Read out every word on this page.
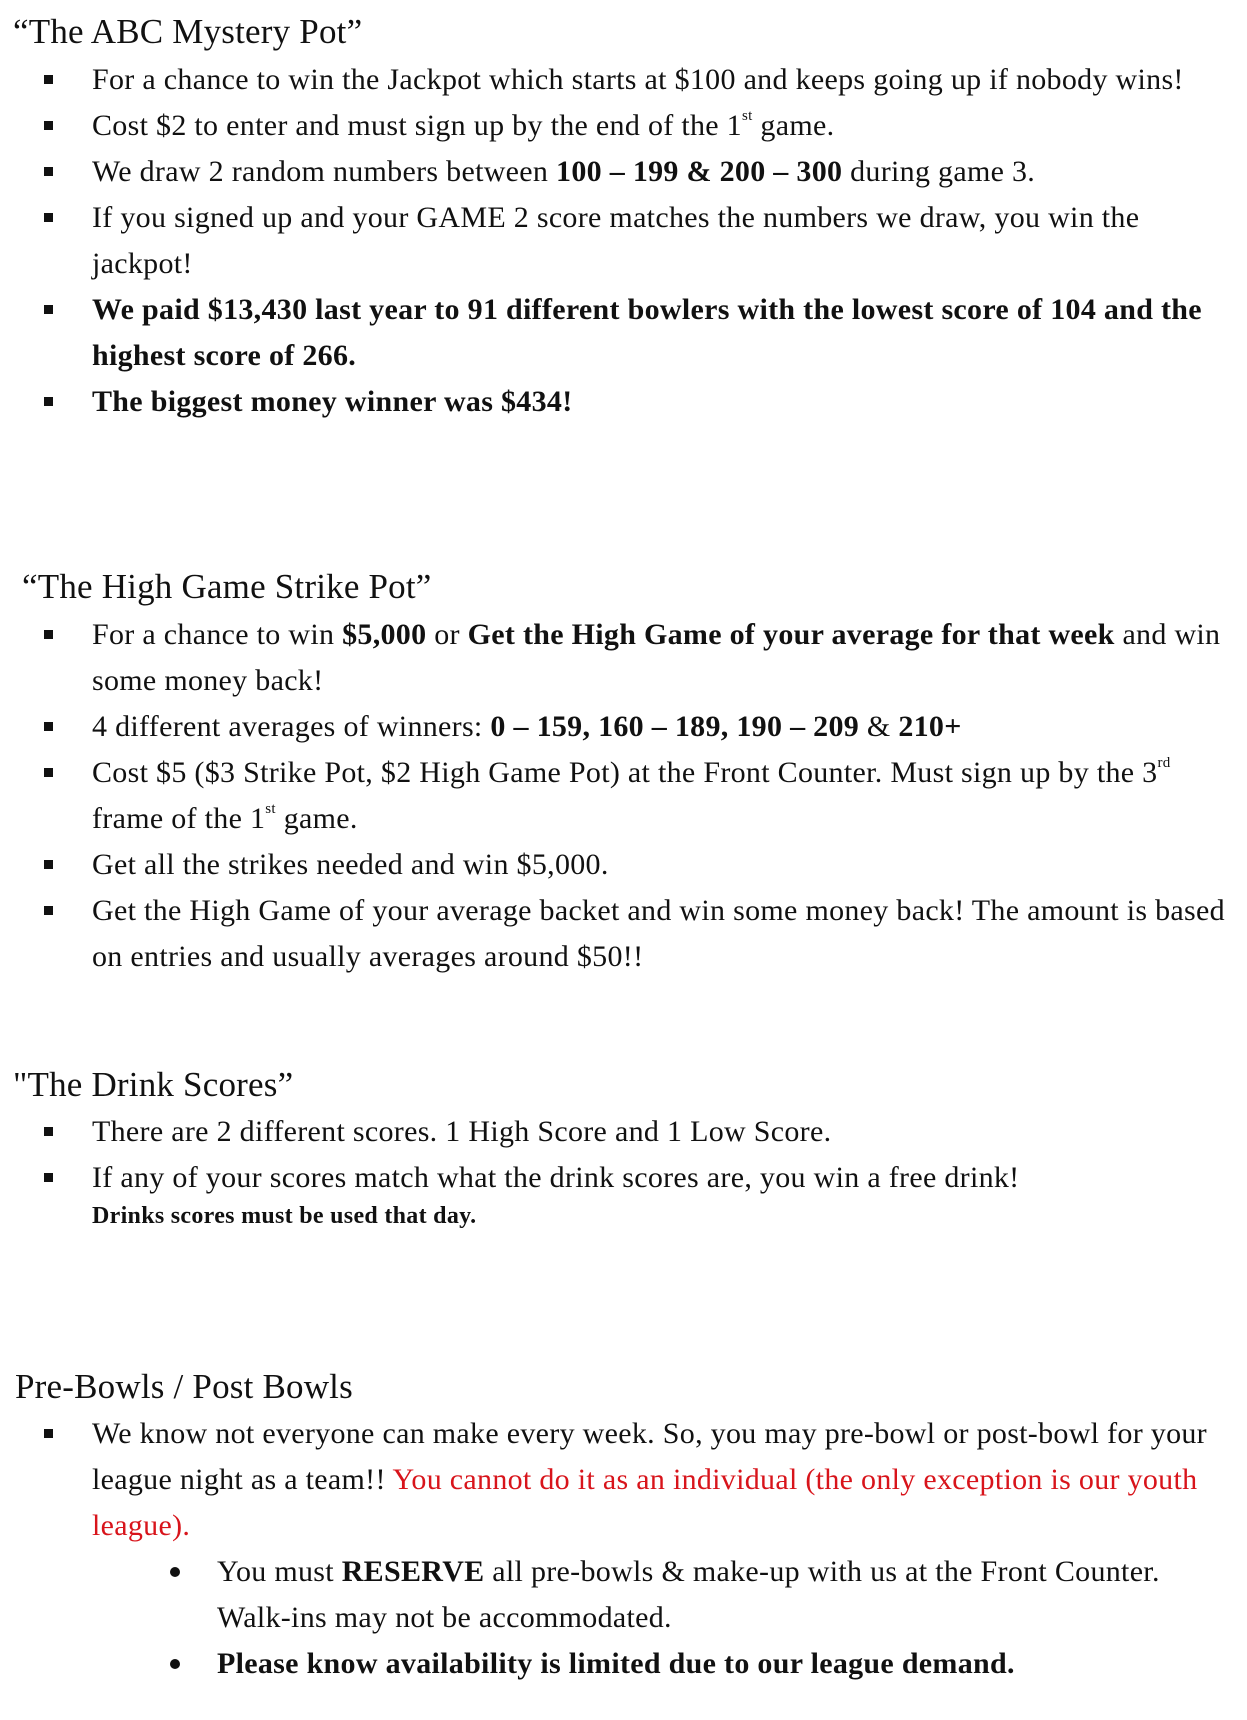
“The ABC Mystery Pot”
For a chance to win the Jackpot which starts at $100 and keeps going up if nobody wins!
Cost $2 to enter and must sign up by the end of the 1st game.
We draw 2 random numbers between 100 – 199 & 200 – 300 during game 3.
If you signed up and your GAME 2 score matches the numbers we draw, you win the jackpot!
We paid $13,430 last year to 91 different bowlers with the lowest score of 104 and the highest score of 266.
The biggest money winner was $434!
“The High Game Strike Pot”
For a chance to win $5,000 or Get the High Game of your average for that week and win some money back!
4 different averages of winners: 0 – 159, 160 – 189, 190 – 209 & 210+
Cost $5 ($3 Strike Pot, $2 High Game Pot) at the Front Counter. Must sign up by the 3rd frame of the 1st game.
Get all the strikes needed and win $5,000.
Get the High Game of your average backet and win some money back! The amount is based on entries and usually averages around $50!!
"The Drink Scores”
There are 2 different scores. 1 High Score and 1 Low Score.
If any of your scores match what the drink scores are, you win a free drink!
Drinks scores must be used that day.
Pre-Bowls / Post Bowls
We know not everyone can make every week. So, you may pre-bowl or post-bowl for your league night as a team!! You cannot do it as an individual (the only exception is our youth league).
You must RESERVE all pre-bowls & make-up with us at the Front Counter. Walk-ins may not be accommodated.
Please know availability is limited due to our league demand.
